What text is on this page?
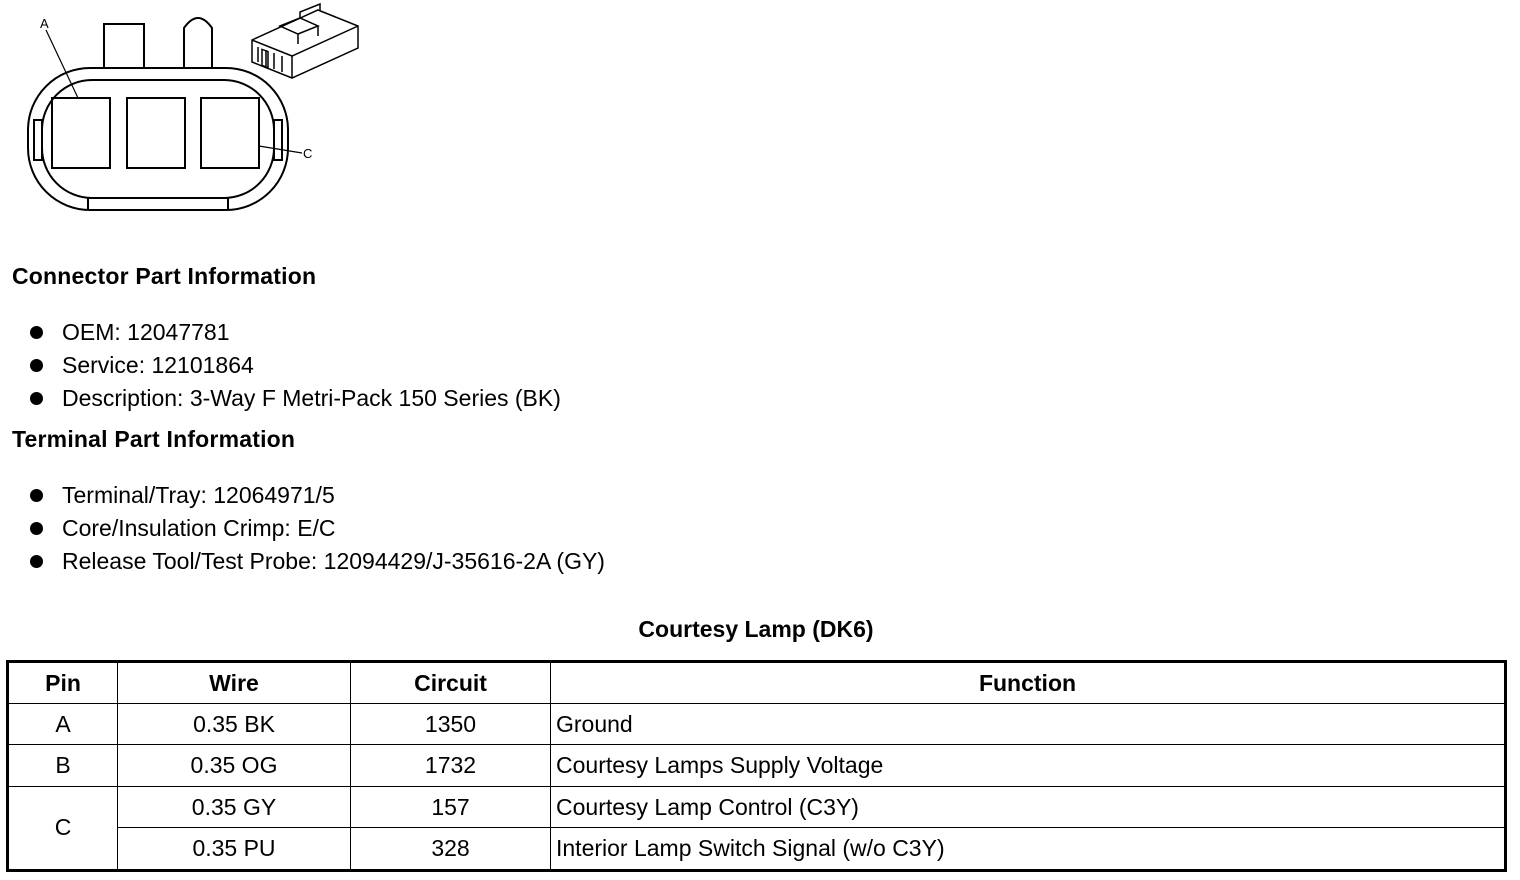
A
C
Connector Part Information
OEM: 12047781
Service: 12101864
Description: 3-Way F Metri-Pack 150 Series (BK)
Terminal Part Information
Terminal/Tray: 12064971/5
Core/Insulation Crimp: E/C
Release Tool/Test Probe: 12094429/J-35616-2A (GY)
Courtesy Lamp (DK6)
Pin	Wire	Circuit	Function
A	0.35 BK	1350	Ground
B	0.35 OG	1732	Courtesy Lamps Supply Voltage
C	0.35 GY	157	Courtesy Lamp Control (C3Y)
	0.35 PU	328	Interior Lamp Switch Signal (w/o C3Y)
